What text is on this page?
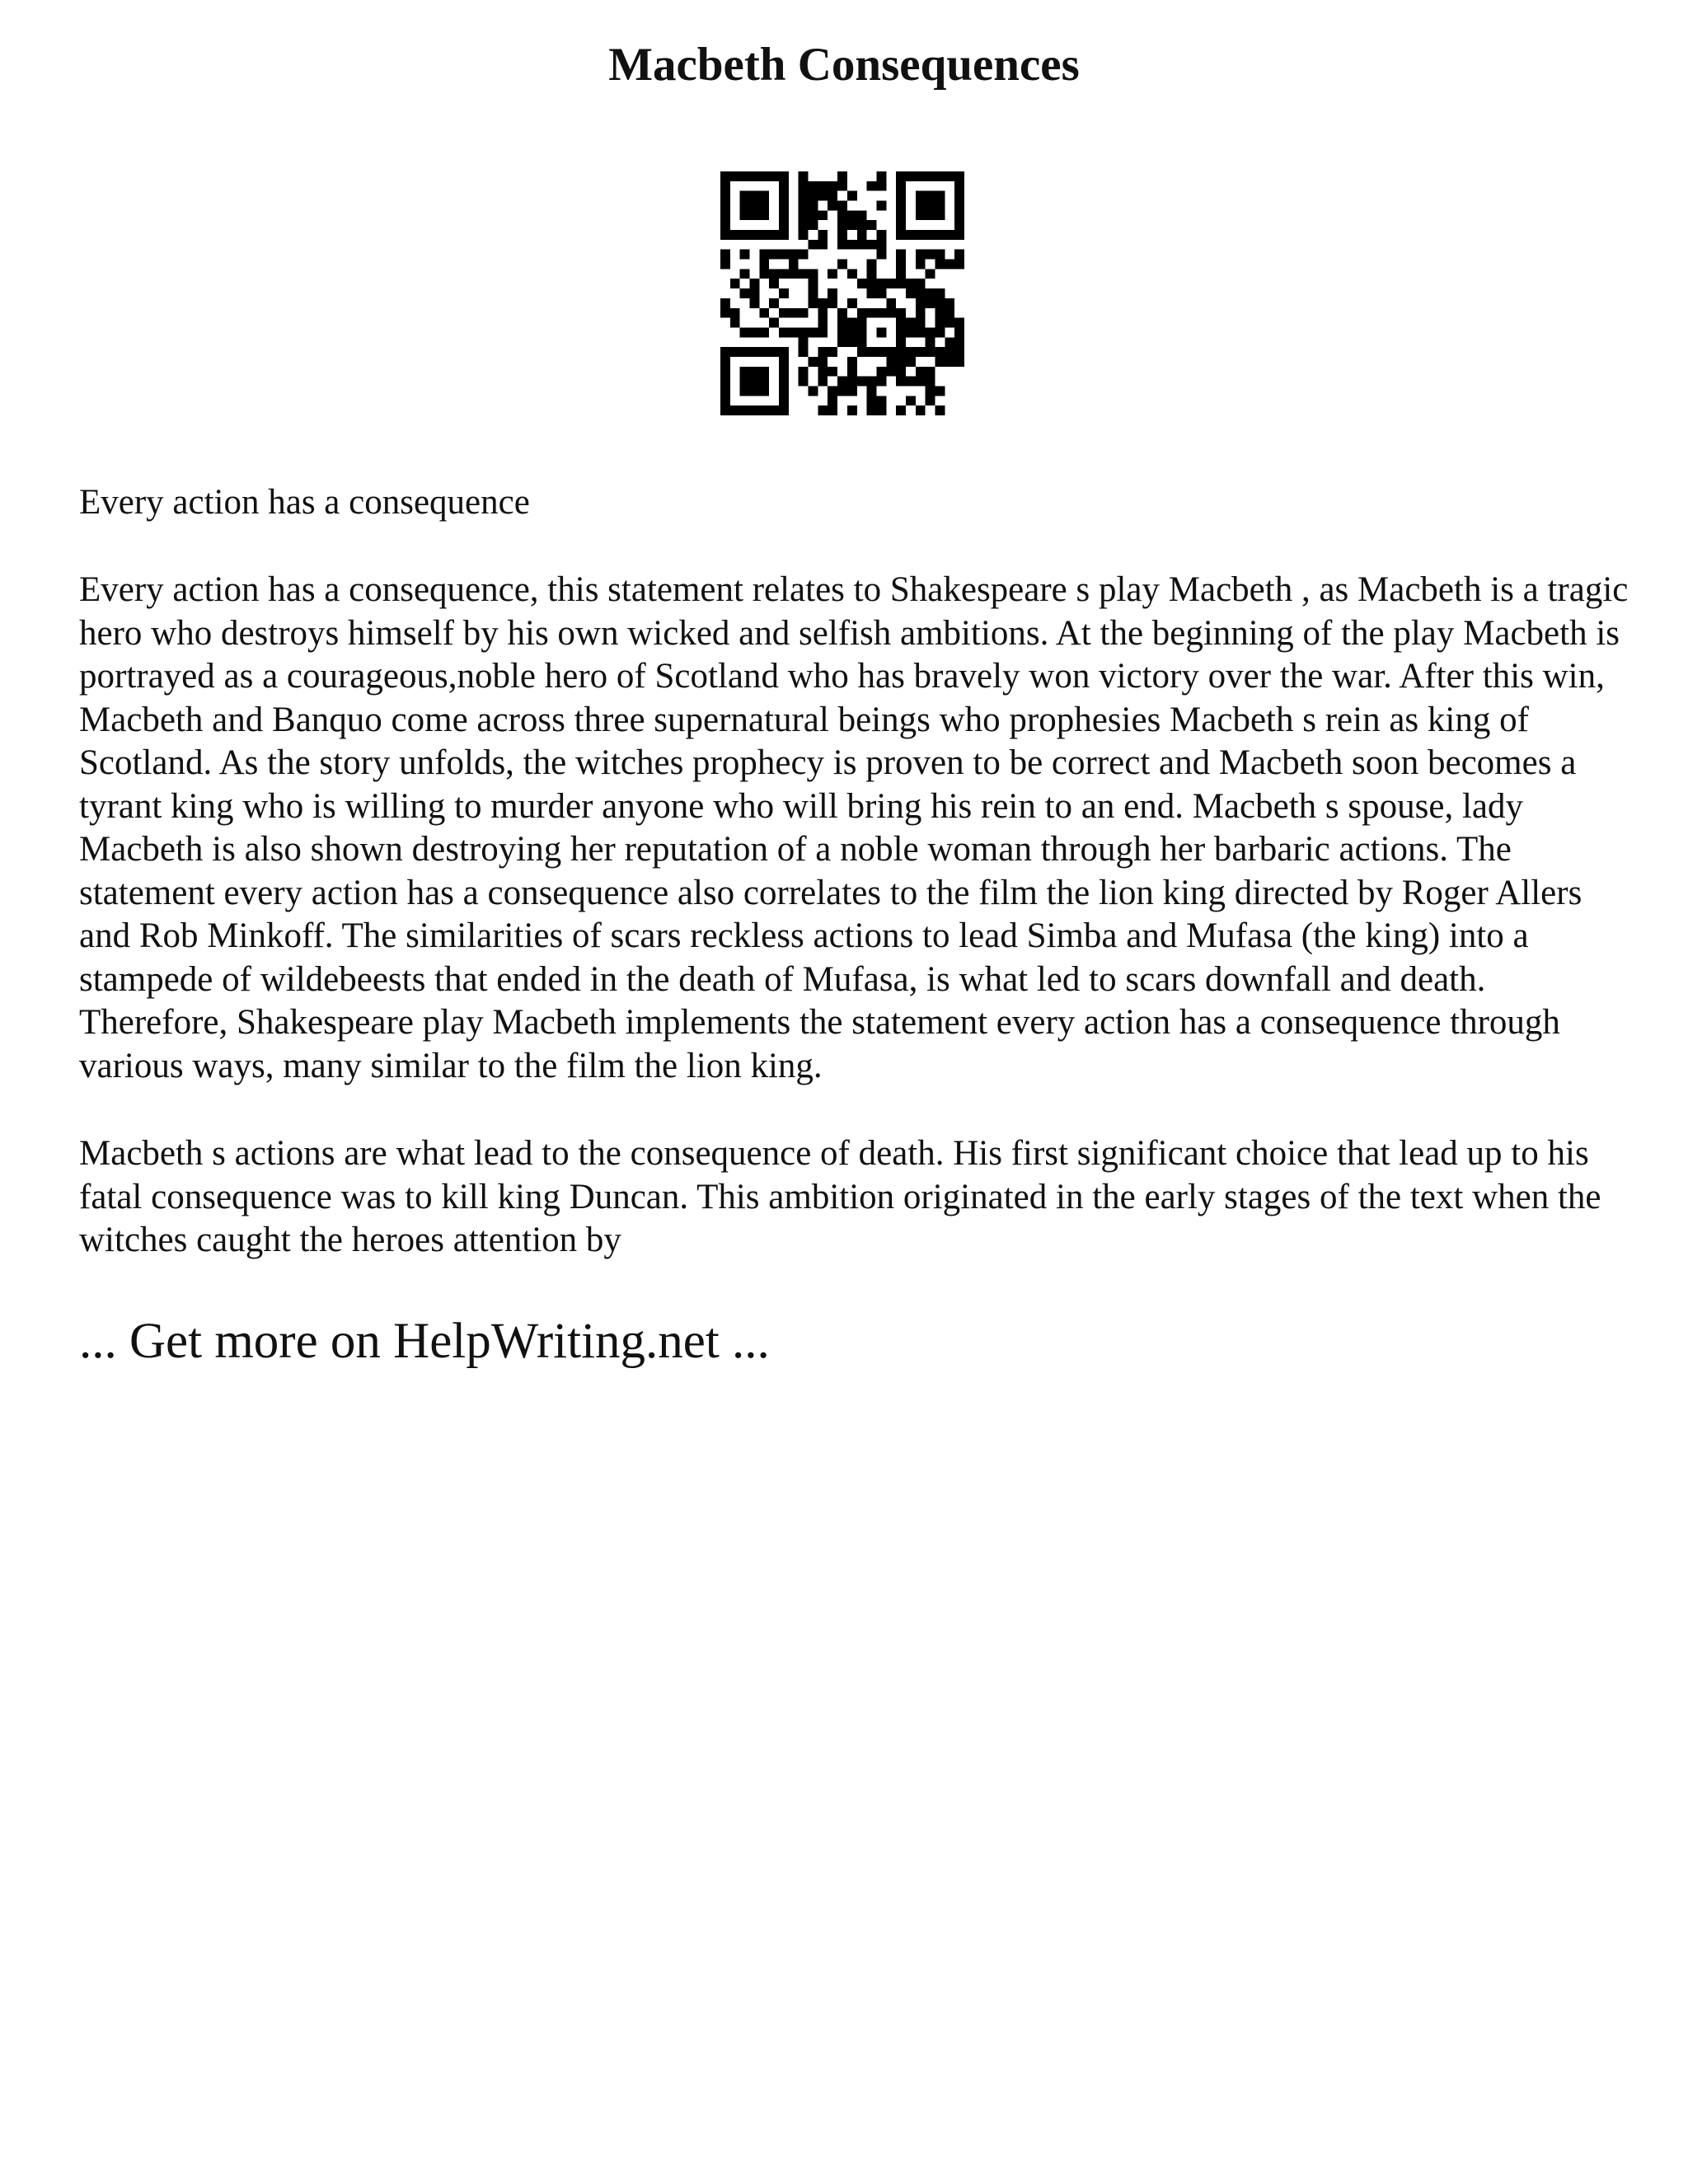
Macbeth Consequences

Every action has a consequence

Every action has a consequence, this statement relates to Shakespeare s play Macbeth , as Macbeth is a tragic hero who destroys himself by his own wicked and selfish ambitions. At the beginning of the play Macbeth is portrayed as a courageous,noble hero of Scotland who has bravely won victory over the war. After this win, Macbeth and Banquo come across three supernatural beings who prophesies Macbeth s rein as king of Scotland. As the story unfolds, the witches prophecy is proven to be correct and Macbeth soon becomes a tyrant king who is willing to murder anyone who will bring his rein to an end. Macbeth s spouse, lady Macbeth is also shown destroying her reputation of a noble woman through her barbaric actions. The statement every action has a consequence also correlates to the film the lion king directed by Roger Allers and Rob Minkoff. The similarities of scars reckless actions to lead Simba and Mufasa (the king) into a stampede of wildebeests that ended in the death of Mufasa, is what led to scars downfall and death. Therefore, Shakespeare play Macbeth implements the statement every action has a consequence through various ways, many similar to the film the lion king.

Macbeth s actions are what lead to the consequence of death. His first significant choice that lead up to his fatal consequence was to kill king Duncan. This ambition originated in the early stages of the text when the witches caught the heroes attention by

... Get more on HelpWriting.net ...
